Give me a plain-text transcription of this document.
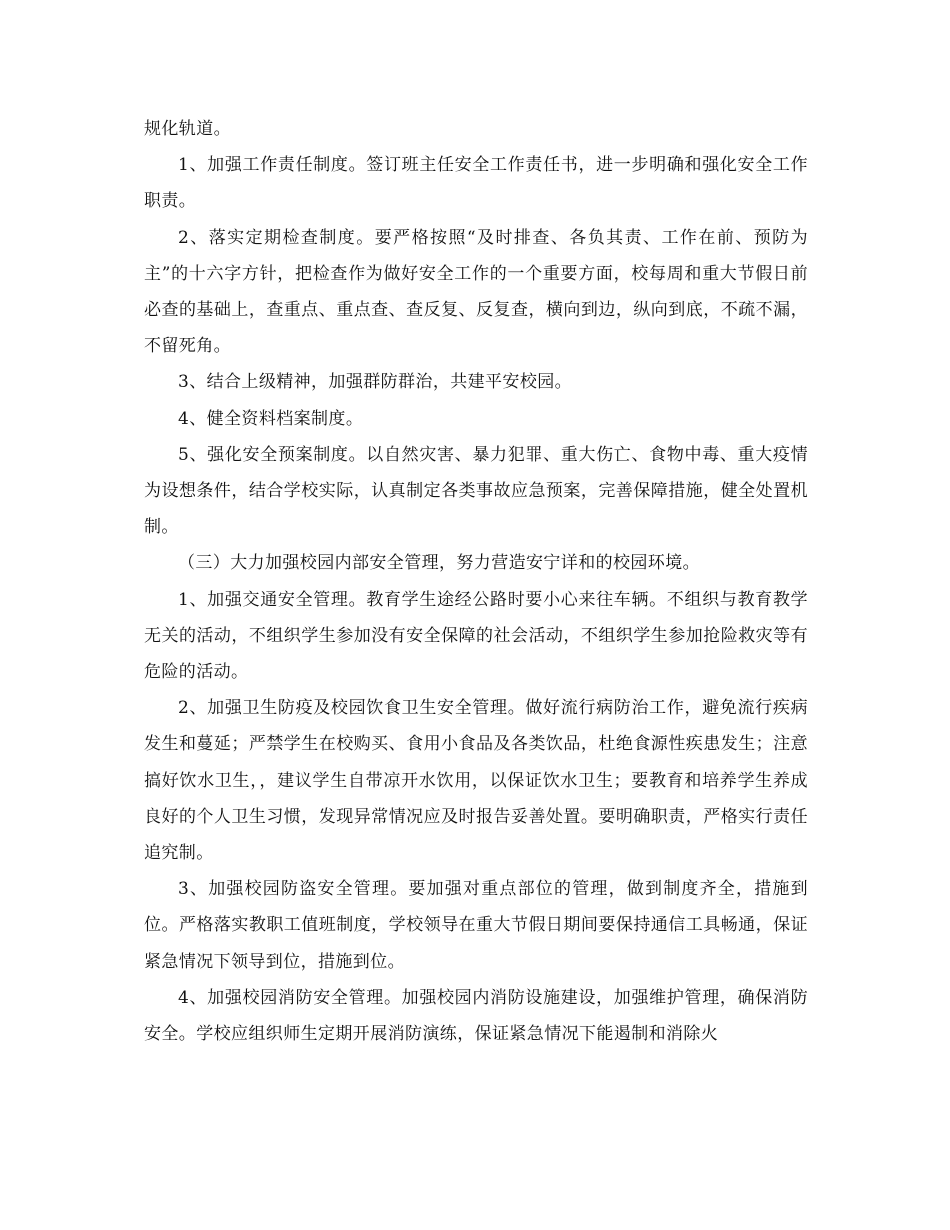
规化轨道。

1、加强工作责任制度。签订班主任安全工作责任书，进一步明确和强化安全工作职责。

2、落实定期检查制度。要严格按照“及时排查、各负其责、工作在前、预防为主”的十六字方针，把检查作为做好安全工作的一个重要方面，校每周和重大节假日前必查的基础上，查重点、重点查、查反复、反复查，横向到边，纵向到底，不疏不漏，不留死角。

3、结合上级精神，加强群防群治，共建平安校园。

4、健全资料档案制度。

5、强化安全预案制度。以自然灾害、暴力犯罪、重大伤亡、食物中毒、重大疫情为设想条件，结合学校实际，认真制定各类事故应急预案，完善保障措施，健全处置机制。

（三）大力加强校园内部安全管理，努力营造安宁详和的校园环境。

1、加强交通安全管理。教育学生途经公路时要小心来往车辆。不组织与教育教学无关的活动，不组织学生参加没有安全保障的社会活动，不组织学生参加抢险救灾等有危险的活动。

2、加强卫生防疫及校园饮食卫生安全管理。做好流行病防治工作，避免流行疾病发生和蔓延；严禁学生在校购买、食用小食品及各类饮品，杜绝食源性疾患发生；注意搞好饮水卫生，，建议学生自带凉开水饮用，以保证饮水卫生；要教育和培养学生养成良好的个人卫生习惯，发现异常情况应及时报告妥善处置。要明确职责，严格实行责任追究制。

3、加强校园防盗安全管理。要加强对重点部位的管理，做到制度齐全，措施到位。严格落实教职工值班制度，学校领导在重大节假日期间要保持通信工具畅通，保证紧急情况下领导到位，措施到位。

4、加强校园消防安全管理。加强校园内消防设施建设，加强维护管理，确保消防安全。学校应组织师生定期开展消防演练，保证紧急情况下能遏制和消除火
